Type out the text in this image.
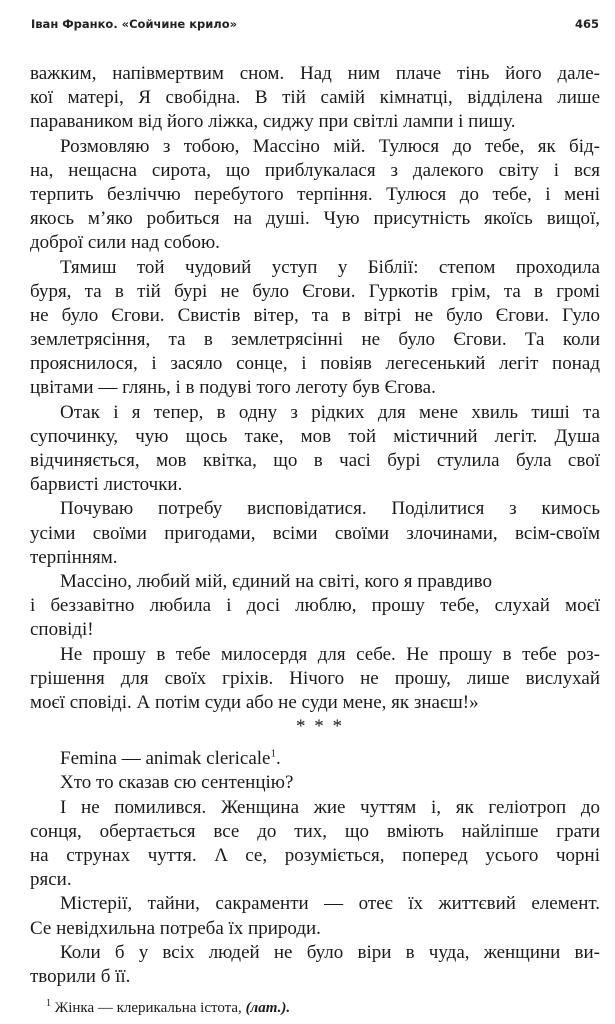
Іван Франко. «Сойчине крило»	465
важким, напівмертвим сном. Над ним плаче тінь його дале-
кої матері, Я свобідна. В тій самій кімнатці, відділена лише
параваником від його ліжка, сиджу при світлі лампи і пишу.
Розмовляю з тобою, Массіно мій. Тулюся до тебе, як бід-
на, нещасна сирота, що приблукалася з далекого світу і вся
терпить безліччю перебутого терпіння. Тулюся до тебе, і мені
якось м’яко робиться на душі. Чую присутність якоїсь вищої,
доброї сили над собою.
Тямиш той чудовий уступ у Біблії: степом проходила
буря, та в тій бурі не було Єгови. Гуркотів грім, та в громі
не було Єгови. Свистів вітер, та в вітрі не було Єгови. Гуло
землетрясіння, та в землетрясінні не було Єгови. Та коли
прояснилося, і засяло сонце, і повіяв легесенький легіт понад
цвітами — глянь, і в подуві того леготу був Єгова.
Отак і я тепер, в одну з рідких для мене хвиль тиші та
супочинку, чую щось таке, мов той містичний легіт. Душа
відчиняється, мов квітка, що в часі бурі стулила була свої
барвисті листочки.
Почуваю потребу висповідатися. Поділитися з кимось
усіми своїми пригодами, всіми своїми злочинами, всім-своїм
терпінням.
Массіно, любий мій, єдиний на світі, кого я правдиво
і беззавітно любила і досі люблю, прошу тебе, слухай моєї
сповіді!
Не прошу в тебе милосердя для себе. Не прошу в тебе роз-
грішення для своїх гріхів. Нічого не прошу, лише вислухай
моєї сповіді. А потім суди або не суди мене, як знаєш!»
* * *
Femina — animak clericale$^1$.
Хто то сказав сю сентенцію?
І не помилився. Женщина жие чуттям і, як геліотроп до
сонця, обертається все до тих, що вміють найліпше грати
на струнах чуття. Λ се, розуміється, поперед усього чорні
ряси.
Містерії, тайни, сакраменти — отеє їх життєвий елемент.
Се невідхильна потреба їх природи.
Коли б у всіх людей не було віри в чуда, женщини ви-
творили б її.
$^1$ Жінка — клерикальна істота, (лат.).
